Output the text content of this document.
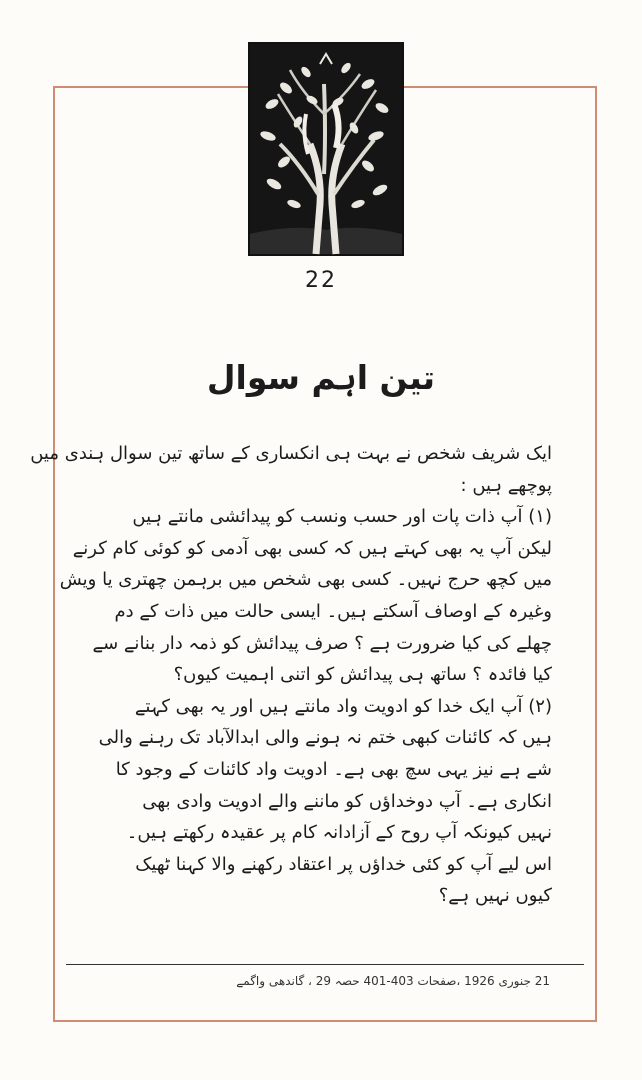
22
تین اہم سوال
ایک شریف شخص نے بہت ہی انکساری کے ساتھ تین سوال ہندی میں
پوچھے ہیں :
(۱) آپ ذات پات اور حسب ونسب کو پیدائشی مانتے ہیں
لیکن آپ یہ بھی کہتے ہیں کہ کسی بھی آدمی کو کوئی کام کرنے
میں کچھ حرج نہیں۔ کسی بھی شخص میں برہمن چھتری یا ویش
وغیرہ کے اوصاف آسکتے ہیں۔ ایسی حالت میں ذات کے دم
چھلے کی کیا ضرورت ہے ؟ صرف پیدائش کو ذمہ دار بنانے سے
کیا فائدہ ؟ ساتھ ہی پیدائش کو اتنی اہمیت کیوں؟
(۲) آپ ایک خدا کو ادویت واد مانتے ہیں اور یہ بھی کہتے
ہیں کہ کائنات کبھی ختم نہ ہونے والی ابدالآباد تک رہنے والی
شے ہے نیز یہی سچ بھی ہے۔ ادویت واد کائنات کے وجود کا
انکاری ہے۔ آپ دوخداؤں کو ماننے والے ادویت وادی بھی
نہیں کیونکہ آپ روح کے آزادانہ کام پر عقیدہ رکھتے ہیں۔
اس لیے آپ کو کئی خداؤں پر اعتقاد رکھنے والا کہنا ٹھیک
کیوں نہیں ہے؟
21 جنوری 1926 ،صفحات 403-401 حصہ 29 ، گاندھی واگمے
